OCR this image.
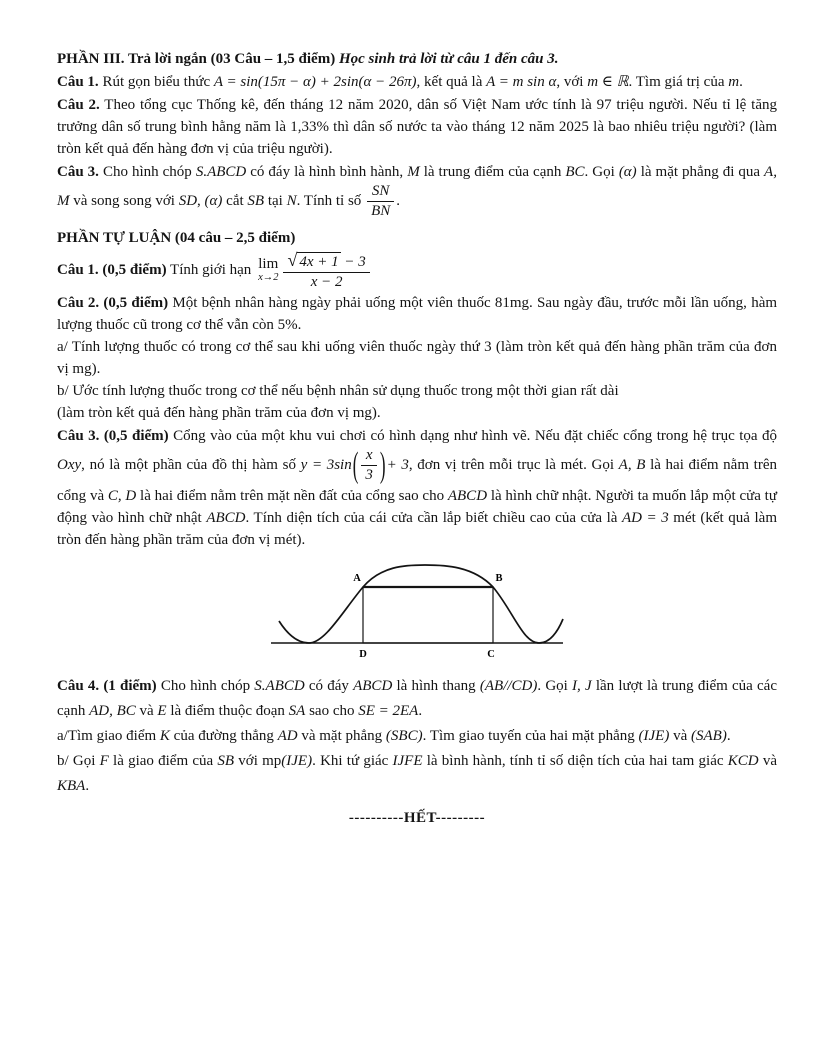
PHẦN III. Trả lời ngắn (03 Câu – 1,5 điểm) Học sinh trả lời từ câu 1 đến câu 3.

Câu 1. Rút gọn biểu thức A = sin(15π − α) + 2sin(α − 26π), kết quả là A = m sin α, với m ∈ ℝ. Tìm giá trị của m.

Câu 2. Theo tổng cục Thống kê, đến tháng 12 năm 2020, dân số Việt Nam ước tính là 97 triệu người. Nếu tỉ lệ tăng trưởng dân số trung bình hằng năm là 1,33% thì dân số nước ta vào tháng 12 năm 2025 là bao nhiêu triệu người? (làm tròn kết quả đến hàng đơn vị của triệu người).

Câu 3. Cho hình chóp S.ABCD có đáy là hình bình hành, M là trung điểm của cạnh BC. Gọi (α) là mặt phẳng đi qua A, M và song song với SD, (α) cắt SB tại N. Tính tỉ số $\frac{SN}{BN}$ .

PHẦN TỰ LUẬN (04 câu – 2,5 điểm)

Câu 1. (0,5 điểm) Tính giới hạn lim
$x\to 2 \frac{√ 4x + 1 - 3}{x - 2}$

Câu 2. (0,5 điểm) Một bệnh nhân hàng ngày phải uống một viên thuốc 81mg. Sau ngày đầu, trước mỗi lần uống, hàm lượng thuốc cũ trong cơ thể vẫn còn 5%.

a/ Tính lượng thuốc có trong cơ thể sau khi uống viên thuốc ngày thứ 3 (làm tròn kết quả đến hàng phần trăm của đơn vị mg).

b/ Ước tính lượng thuốc trong cơ thể nếu bệnh nhân sử dụng thuốc trong một thời gian rất dài

(làm tròn kết quả đến hàng phần trăm của đơn vị mg).

Câu 3. (0,5 điểm) Cổng vào của một khu vui chơi có hình dạng như hình vẽ. Nếu đặt chiếc cổng trong hệ trục tọa độ Oxy, nó là một phần của đồ thị hàm số $y = 3\sin( \frac{x}{3}$ )+ 3, đơn vị trên mỗi trục là mét. Gọi A, B là hai điểm nằm trên cổng và C, D là hai điểm nằm trên mặt nền đất của cổng sao cho ABCD là hình chữ nhật. Người ta muốn lắp một cửa tự động vào hình chữ nhật ABCD. Tính diện tích của cái cửa cần lắp biết chiều cao của cửa là AD = 3 mét (kết quả làm tròn đến hàng phần trăm của đơn vị mét).

A	B
D	C

Câu 4. (1 điểm) Cho hình chóp S.ABCD có đáy ABCD là hình thang (AB//CD). Gọi I, J lần lượt là trung điểm của các cạnh AD, BC và E là điểm thuộc đoạn SA sao cho SE = 2EA.

a/Tìm giao điểm K của đường thẳng AD và mặt phẳng (SBC). Tìm giao tuyến của hai mặt phẳng (IJE) và (SAB).

b/ Gọi F là giao điểm của SB với mp(IJE). Khi tứ giác IJFE là bình hành, tính tỉ số diện tích của hai tam giác KCD và KBA.

----------HẾT---------
